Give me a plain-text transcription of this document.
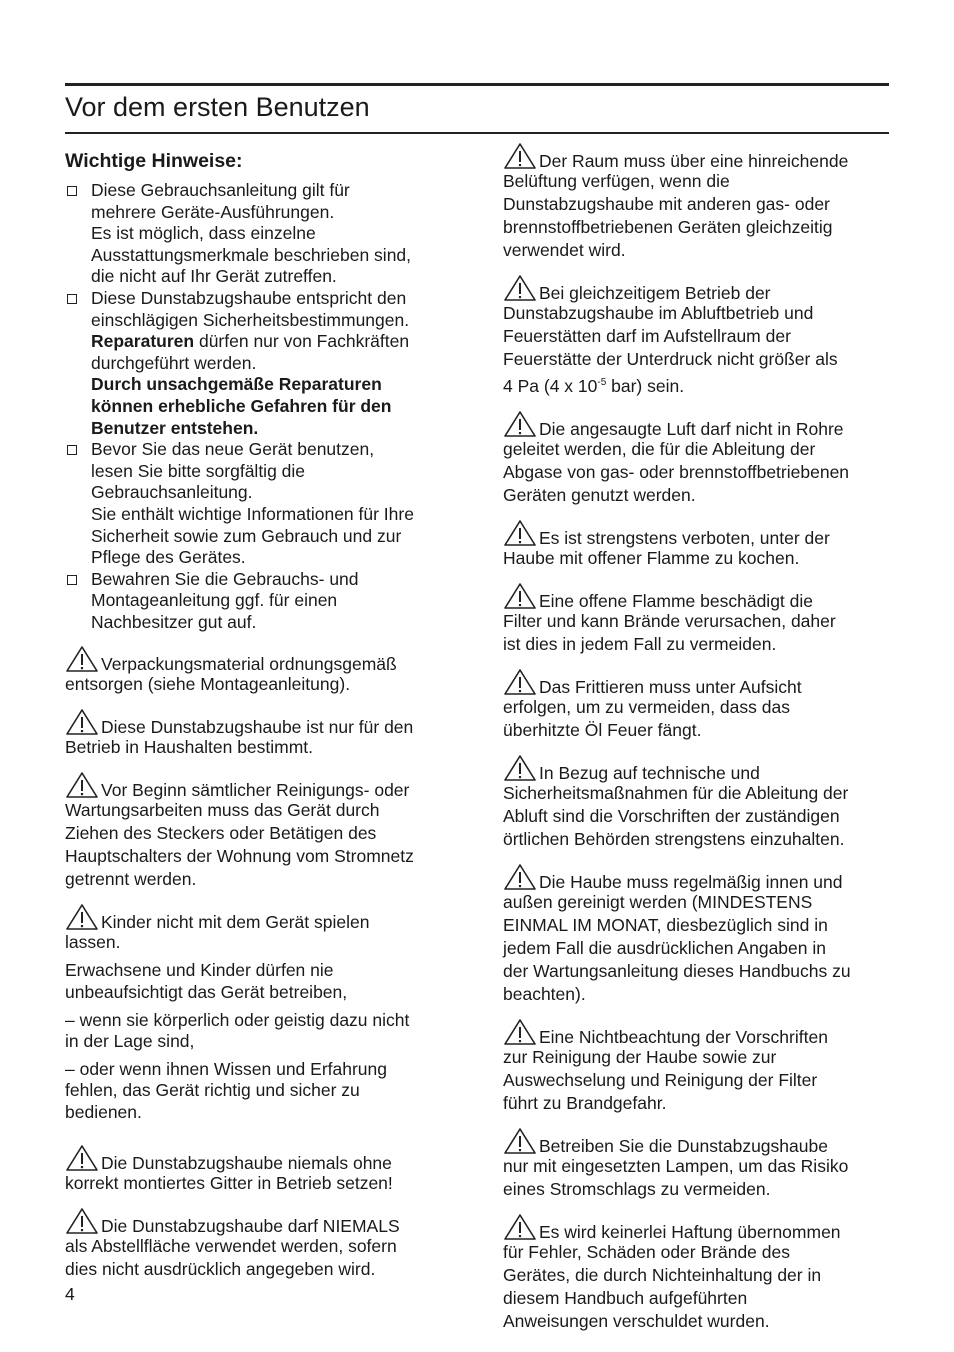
Vor dem ersten Benutzen
Wichtige Hinweise:
Diese Gebrauchsanleitung gilt für
mehrere Geräte-Ausführungen.
Es ist möglich, dass einzelne
Ausstattungsmerkmale beschrieben sind,
die nicht auf Ihr Gerät zutreffen.
Diese Dunstabzugshaube entspricht den
einschlägigen Sicherheitsbestimmungen.
Reparaturen dürfen nur von Fachkräften
durchgeführt werden.
Durch unsachgemäße Reparaturen
können erhebliche Gefahren für den
Benutzer entstehen.
Bevor Sie das neue Gerät benutzen,
lesen Sie bitte sorgfältig die
Gebrauchsanleitung.
Sie enthält wichtige Informationen für Ihre
Sicherheit sowie zum Gebrauch und zur
Pflege des Gerätes.
Bewahren Sie die Gebrauchs- und
Montageanleitung ggf. für einen
Nachbesitzer gut auf.
Verpackungsmaterial ordnungsgemäß
entsorgen (siehe Montageanleitung).
Diese Dunstabzugshaube ist nur für den
Betrieb in Haushalten bestimmt.
Vor Beginn sämtlicher Reinigungs- oder
Wartungsarbeiten muss das Gerät durch
Ziehen des Steckers oder Betätigen des
Hauptschalters der Wohnung vom Stromnetz
getrennt werden.
Kinder nicht mit dem Gerät spielen
lassen.
Erwachsene und Kinder dürfen nie
unbeaufsichtigt das Gerät betreiben,
– wenn sie körperlich oder geistig dazu nicht
in der Lage sind,
– oder wenn ihnen Wissen und Erfahrung
fehlen, das Gerät richtig und sicher zu
bedienen.
Die Dunstabzugshaube niemals ohne
korrekt montiertes Gitter in Betrieb setzen!
Die Dunstabzugshaube darf NIEMALS
als Abstellfläche verwendet werden, sofern
dies nicht ausdrücklich angegeben wird.
Der Raum muss über eine hinreichende
Belüftung verfügen, wenn die
Dunstabzugshaube mit anderen gas- oder
brennstoffbetriebenen Geräten gleichzeitig
verwendet wird.
Bei gleichzeitigem Betrieb der
Dunstabzugshaube im Abluftbetrieb und
Feuerstätten darf im Aufstellraum der
Feuerstätte der Unterdruck nicht größer als
4 Pa (4 x $10^{-5}$ bar) sein.
Die angesaugte Luft darf nicht in Rohre
geleitet werden, die für die Ableitung der
Abgase von gas- oder brennstoffbetriebenen
Geräten genutzt werden.
Es ist strengstens verboten, unter der
Haube mit offener Flamme zu kochen.
Eine offene Flamme beschädigt die
Filter und kann Brände verursachen, daher
ist dies in jedem Fall zu vermeiden.
Das Frittieren muss unter Aufsicht
erfolgen, um zu vermeiden, dass das
überhitzte Öl Feuer fängt.
In Bezug auf technische und
Sicherheitsmaßnahmen für die Ableitung der
Abluft sind die Vorschriften der zuständigen
örtlichen Behörden strengstens einzuhalten.
Die Haube muss regelmäßig innen und
außen gereinigt werden (MINDESTENS
EINMAL IM MONAT, diesbezüglich sind in
jedem Fall die ausdrücklichen Angaben in
der Wartungsanleitung dieses Handbuchs zu
beachten).
Eine Nichtbeachtung der Vorschriften
zur Reinigung der Haube sowie zur
Auswechselung und Reinigung der Filter
führt zu Brandgefahr.
Betreiben Sie die Dunstabzugshaube
nur mit eingesetzten Lampen, um das Risiko
eines Stromschlags zu vermeiden.
Es wird keinerlei Haftung übernommen
für Fehler, Schäden oder Brände des
Gerätes, die durch Nichteinhaltung der in
diesem Handbuch aufgeführten
Anweisungen verschuldet wurden.
4
